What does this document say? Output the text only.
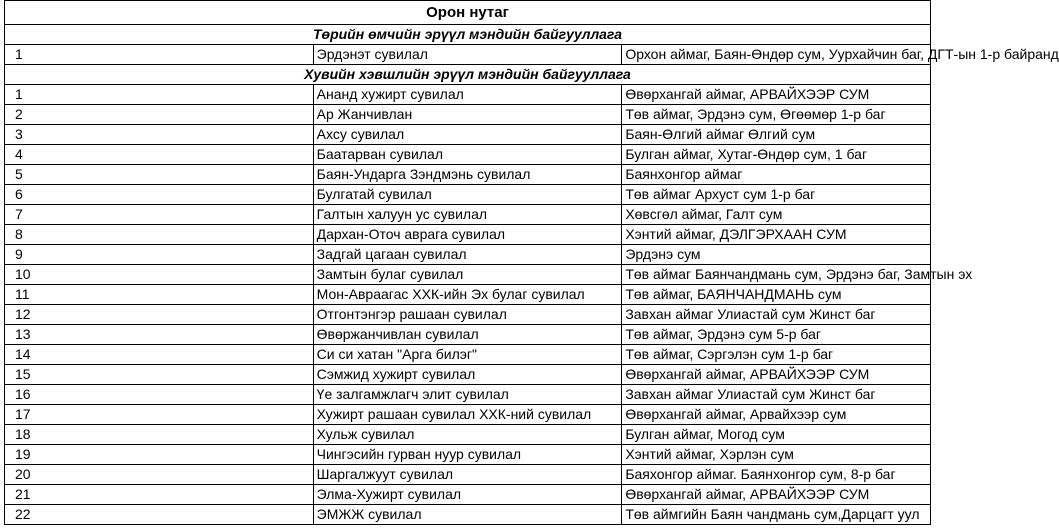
Орон нутаг
Төрийн өмчийн эрүүл мэндийн байгууллага		
1	Эрдэнэт сувилал	Орхон аймаг, Баян-Өндөр сум, Уурхайчин баг, ДГТ-ын 1-р байранд
Хувийн хэвшлийн эрүүл мэндийн байгууллага		
1	Ананд хужирт сувилал	Өвөрхангай аймаг, АРВАЙХЭЭР СУМ
2	Ар Жанчивлан	Төв аймаг, Эрдэнэ сум, Өгөөмөр 1-р баг
3	Ахсу сувилал	Баян-Өлгий аймаг Өлгий сум
4	Баатарван сувилал	Булган аймаг, Хутаг-Өндөр сум, 1 баг
5	Баян-Ундарга Зэндмэнь сувилал	Баянхонгор аймаг
6	Булгатай сувилал	Төв аймаг Архуст сум 1-р баг
7	Галтын халуун ус сувилал	Хөвсгөл аймаг, Галт сум
8	Дархан-Оточ аврага сувилал	Хэнтий аймаг, ДЭЛГЭРХААН СУМ
9	Задгай цагаан сувилал	Эрдэнэ сум
10	Замтын булаг сувилал	Төв аймаг Баянчандмань сум, Эрдэнэ баг, Замтын эх
11	Мон-Авраагас ХХК-ийн Эх булаг сувилал	Төв аймаг, БАЯНЧАНДМАНЬ сум
12	Отгонтэнгэр рашаан сувилал	Завхан аймаг Улиастай сум Жинст баг
13	Өвөржанчивлан сувилал	Төв аймаг, Эрдэнэ сум 5-р баг
14	Си си хатан "Арга билэг"	Төв аймаг, Сэргэлэн сум 1-р баг
15	Сэмжид хужирт сувилал	Өвөрхангай аймаг, АРВАЙХЭЭР СУМ
16	Үе залгамжлагч элит сувилал	Завхан аймаг Улиастай сум Жинст баг
17	Хужирт рашаан сувилал ХХК-ний сувилал	Өвөрхангай аймаг, Арвайхээр сум
18	Хульж сувилал	Булган аймаг, Могод сум
19	Чингэсийн гурван нуур сувилал	Хэнтий аймаг, Хэрлэн сум
20	Шаргалжуут сувилал	Баяхонгор аймаг. Баянхонгор сум, 8-р баг
21	Элма-Хужирт сувилал	Өвөрхангай аймаг, АРВАЙХЭЭР СУМ
22	ЭМЖЖ сувилал	Төв аймгийн Баян чандмань сум,Дарцагт уул
